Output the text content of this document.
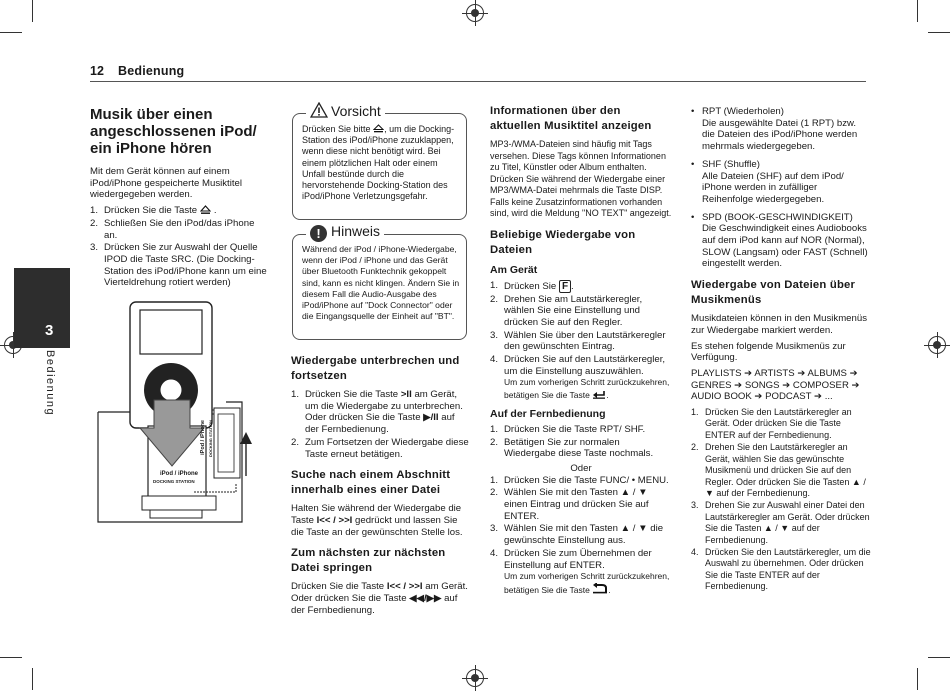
12 Bedienung
3
Bedienung
Musik über einen angeschlossenen iPod/ ein iPhone hören

Mit dem Gerät können auf einem iPod/iPhone gespeicherte Musiktitel wiedergegeben werden.

1. Drücken Sie die Taste .
2. Schließen Sie den iPod/das iPhone an.
3. Drücken Sie zur Auswahl der Quelle IPOD die Taste SRC. (Die Docking-Station des iPod/iPhone kann um eine Vierteldrehung rotiert werden)
iPod / iPhone
DOCKING STATION
iPod / iPhone DOCKING STATION
Vorsicht
Drücken Sie bitte , um die Docking-Station des iPod/iPhone zuzuklappen, wenn diese nicht benötigt wird. Bei einem plötzlichen Halt oder einem Unfall bestünde durch die hervorstehende Docking-Station des iPod/iPhone Verletzungsgefahr.
! Hinweis
Während der iPod / iPhone-Wiedergabe, wenn der iPod / iPhone und das Gerät über Bluetooth Funktechnik gekoppelt sind, kann es nicht klingen. Ändern Sie in diesem Fall die Audio-Ausgabe des iPod/iPhone auf "Dock Connector" oder die Eingangsquelle der Einheit auf "BT".
Wiedergabe unterbrechen und fortsetzen
1. Drücken Sie die Taste >II am Gerät, um die Wiedergabe zu unterbrechen. Oder drücken Sie die Taste ▶/II auf der Fernbedienung.
2. Zum Fortsetzen der Wiedergabe diese Taste erneut betätigen.
Suche nach einem Abschnitt innerhalb eines einer Datei

Halten Sie während der Wiedergabe die Taste I<< / >>I gedrückt und lassen Sie die Taste an der gewünschten Stelle los.

Zum nächsten zur nächsten Datei springen

Drücken Sie die Taste I<< / >>I am Gerät. Oder drücken Sie die Taste ◀◀/▶▶ auf der Fernbedienung.

Informationen über den aktuellen Musiktitel anzeigen

MP3-/WMA-Dateien sind häufig mit Tags versehen. Diese Tags können Informationen zu Titel, Künstler oder Album enthalten. Drücken Sie während der Wiedergabe einer MP3/WMA-Datei mehrmals die Taste DISP. Falls keine Zusatzinformationen vorhanden sind, wird die Meldung "NO TEXT" angezeigt.

Beliebige Wiedergabe von Dateien
Am Gerät
1. Drücken Sie F .
2. Drehen Sie am Lautstärkeregler, wählen Sie eine Einstellung und drücken Sie auf den Regler.
3. Wählen Sie über den Lautstärkeregler den gewünschten Eintrag.
4. Drücken Sie auf den Lautstärkeregler, um die Einstellung auszuwählen.
Um zum vorherigen Schritt zurückzukehren, betätigen Sie die Taste .
Auf der Fernbedienung
1. Drücken Sie die Taste RPT/ SHF.
2. Betätigen Sie zur normalen Wiedergabe diese Taste nochmals.
Oder
1. Drücken Sie die Taste FUNC/ • MENU.
2. Wählen Sie mit den Tasten ▲ / ▼ einen Eintrag und drücken Sie auf ENTER.
3. Wählen Sie mit den Tasten ▲ / ▼ die gewünschte Einstellung aus.
4. Drücken Sie zum Übernehmen der Einstellung auf ENTER.
Um zum vorherigen Schritt zurückzukehren, betätigen Sie die Taste .
• RPT (Wiederholen)
Die ausgewählte Datei (1 RPT) bzw. die Dateien des iPod/iPhone werden mehrmals wiedergegeben.
• SHF (Shuffle)
Alle Dateien (SHF) auf dem iPod/ iPhone werden in zufälliger Reihenfolge wiedergegeben.
• SPD (BOOK-GESCHWINDIGKEIT)
Die Geschwindigkeit eines Audiobooks auf dem iPod kann auf NOR (Normal), SLOW (Langsam) oder FAST (Schnell) eingestellt werden.
Wiedergabe von Dateien über Musikmenüs

Musikdateien können in den Musikmenüs zur Wiedergabe markiert werden.

Es stehen folgende Musikmenüs zur Verfügung.

PLAYLISTS ➔ ARTISTS ➔ ALBUMS ➔ GENRES ➔ SONGS ➔ COMPOSER ➔ AUDIO BOOK ➔ PODCAST ➔ ...

1. Drücken Sie den Lautstärkeregler an Gerät. Oder drücken Sie die Taste ENTER auf der Fernbedienung.
2. Drehen Sie den Lautstärkeregler an Gerät, wählen Sie das gewünschte Musikmenü und drücken Sie auf den Regler. Oder drücken Sie die Tasten ▲ / ▼ auf der Fernbedienung.
3. Drehen Sie zur Auswahl einer Datei den Lautstärkeregler am Gerät. Oder drücken Sie die Tasten ▲ / ▼ auf der Fernbedienung.
4. Drücken Sie den Lautstärkeregler, um die Auswahl zu übernehmen. Oder drücken Sie die Taste ENTER auf der Fernbedienung.
